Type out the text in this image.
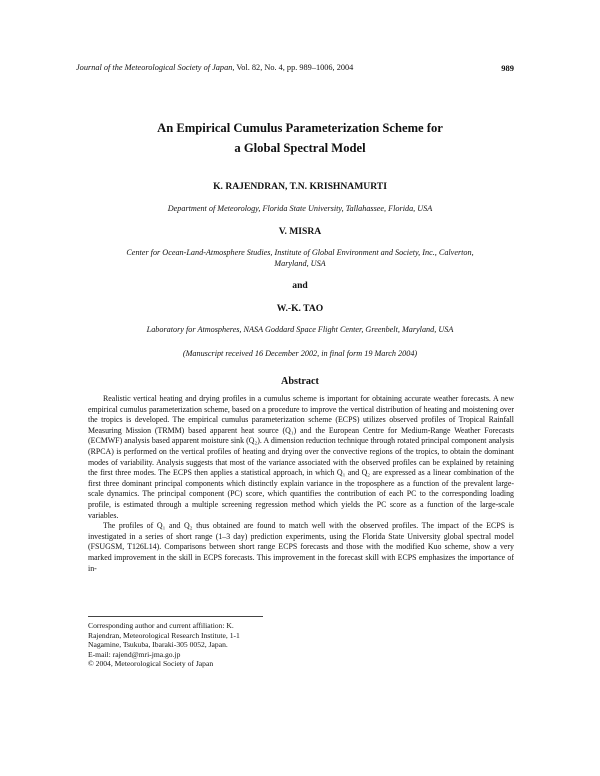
Journal of the Meteorological Society of Japan, Vol. 82, No. 4, pp. 989–1006, 2004	989
An Empirical Cumulus Parameterization Scheme for
a Global Spectral Model
K. RAJENDRAN, T.N. KRISHNAMURTI
Department of Meteorology, Florida State University, Tallahassee, Florida, USA
V. MISRA
Center for Ocean-Land-Atmosphere Studies, Institute of Global Environment and Society, Inc., Calverton,
Maryland, USA
and
W.-K. TAO
Laboratory for Atmospheres, NASA Goddard Space Flight Center, Greenbelt, Maryland, USA
(Manuscript received 16 December 2002, in final form 19 March 2004)
Abstract

Realistic vertical heating and drying profiles in a cumulus scheme is important for obtaining accurate weather forecasts. A new empirical cumulus parameterization scheme, based on a procedure to improve the vertical distribution of heating and moistening over the tropics is developed. The empirical cumulus parameterization scheme (ECPS) utilizes observed profiles of Tropical Rainfall Measuring Mission (TRMM) based apparent heat source (Q₁) and the European Centre for Medium-Range Weather Forecasts (ECMWF) analysis based apparent moisture sink (Q₂). A dimension reduction technique through rotated principal component analysis (RPCA) is performed on the vertical profiles of heating and drying over the convective regions of the tropics, to obtain the dominant modes of variability. Analysis suggests that most of the variance associated with the observed profiles can be explained by retaining the first three modes. The ECPS then applies a statistical approach, in which Q₁ and Q₂ are expressed as a linear combination of the first three dominant principal components which distinctly explain variance in the troposphere as a function of the prevalent large-scale dynamics. The principal component (PC) score, which quantifies the contribution of each PC to the corresponding loading profile, is estimated through a multiple screening regression method which yields the PC score as a function of the large-scale variables.

The profiles of Q₁ and Q₂ thus obtained are found to match well with the observed profiles. The impact of the ECPS is investigated in a series of short range (1–3 day) prediction experiments, using the Florida State University global spectral model (FSUGSM, T126L14). Comparisons between short range ECPS forecasts and those with the modified Kuo scheme, show a very marked improvement in the skill in ECPS forecasts. This improvement in the forecast skill with ECPS emphasizes the importance of in-

Corresponding author and current affiliation: K.
Rajendran, Meteorological Research Institute, 1-1
Nagamine, Tsukuba, Ibaraki-305 0052, Japan.
E-mail: rajend@mri-jma.go.jp
© 2004, Meteorological Society of Japan
